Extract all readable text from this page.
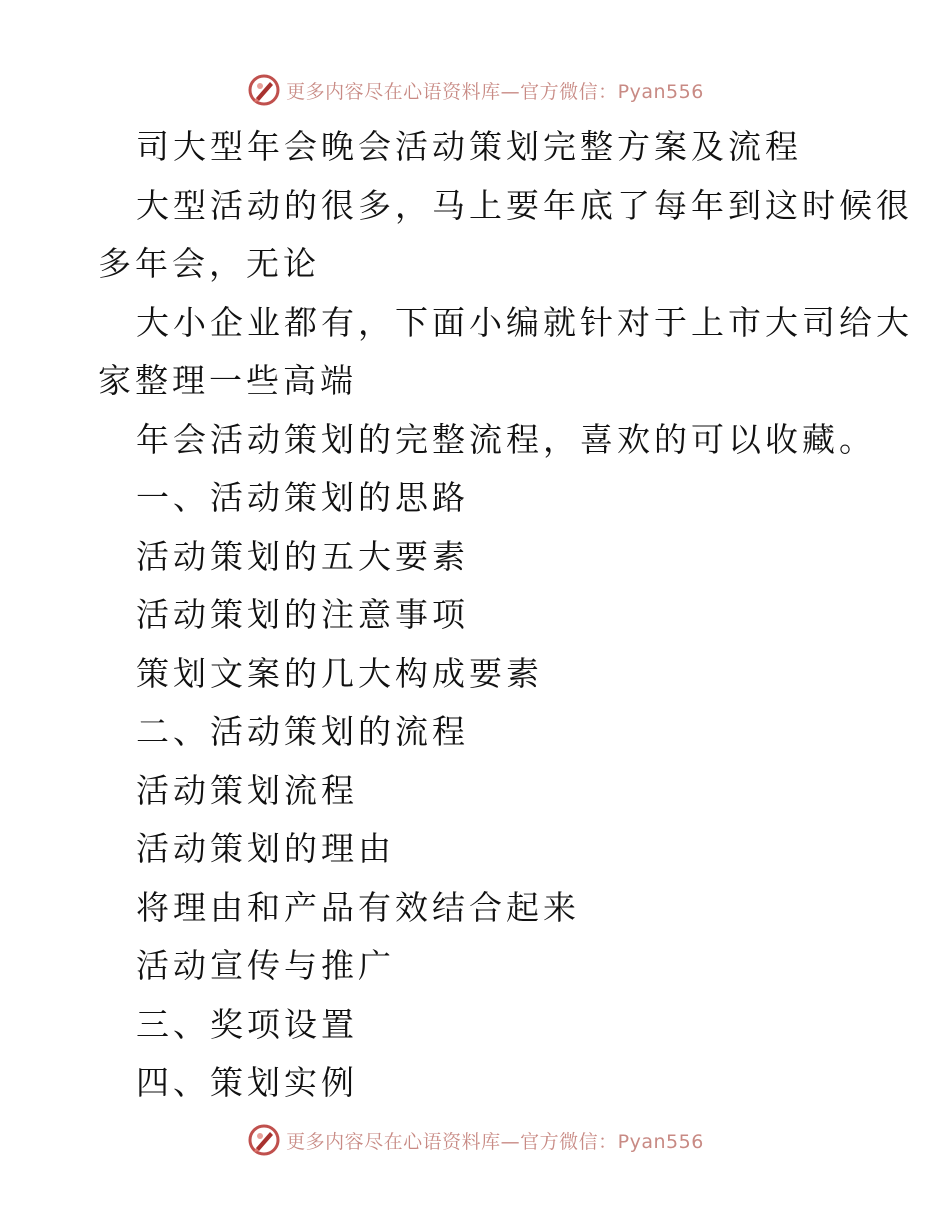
更多内容尽在心语资料库—官方微信：Pyan556
司大型年会晚会活动策划完整方案及流程
大型活动的很多，马上要年底了每年到这时候很
多年会，无论
大小企业都有，下面小编就针对于上市大司给大
家整理一些高端
年会活动策划的完整流程，喜欢的可以收藏。
一、活动策划的思路
活动策划的五大要素
活动策划的注意事项
策划文案的几大构成要素
二、活动策划的流程
活动策划流程
活动策划的理由
将理由和产品有效结合起来
活动宣传与推广
三、奖项设置
四、策划实例
更多内容尽在心语资料库—官方微信：Pyan556
